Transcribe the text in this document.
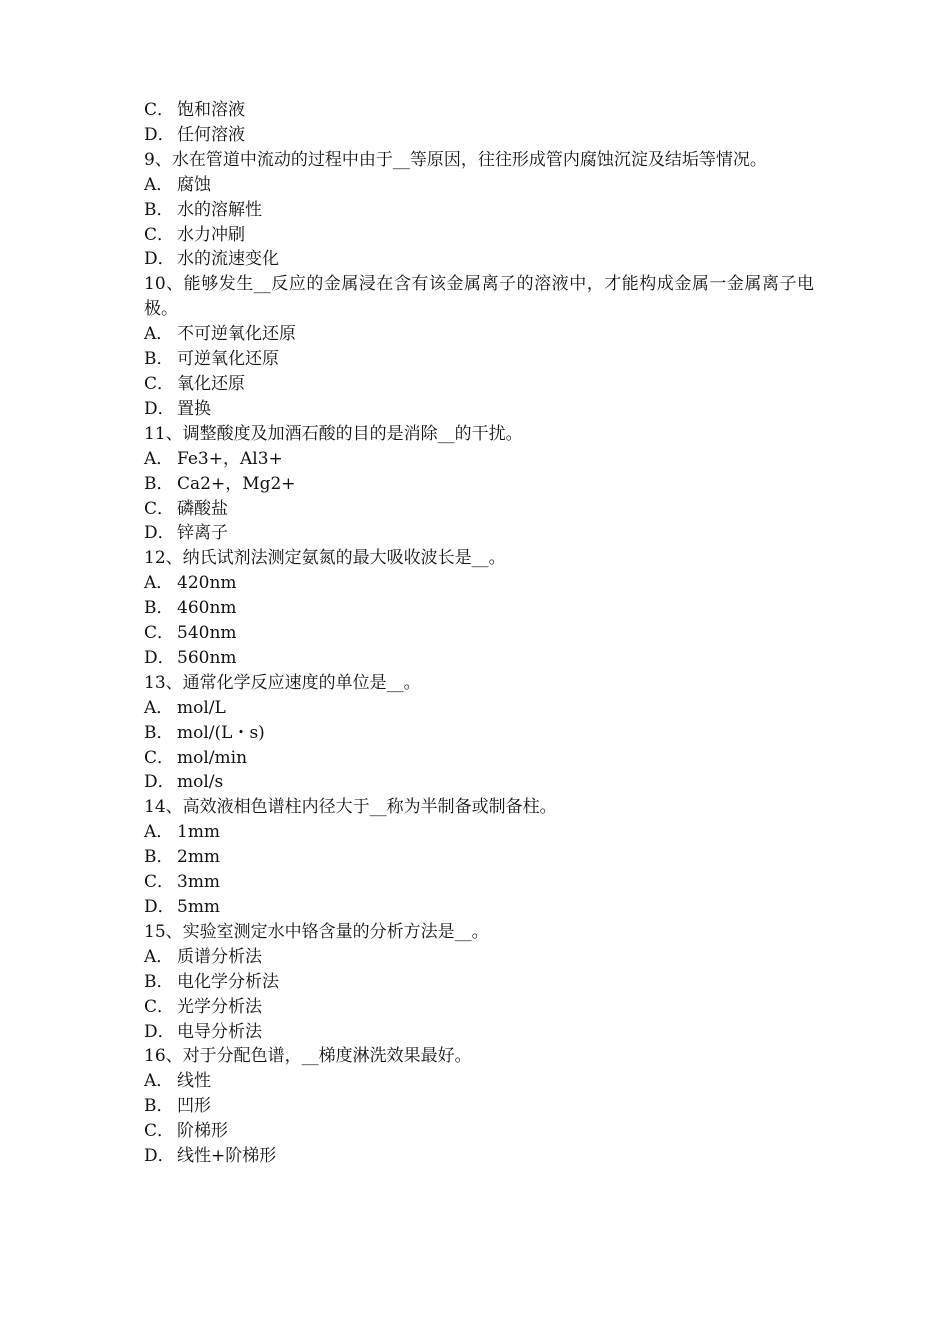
C． 饱和溶液

D． 任何溶液

9、水在管道中流动的过程中由于__等原因，往往形成管内腐蚀沉淀及结垢等情况。

A． 腐蚀

B． 水的溶解性

C． 水力冲刷

D． 水的流速变化

10、能够发生__反应的金属浸在含有该金属离子的溶液中，才能构成金属一金属离子电极。

A． 不可逆氧化还原

B． 可逆氧化还原

C． 氧化还原

D． 置换

11、调整酸度及加酒石酸的目的是消除__的干扰。

A． Fe3+，Al3+

B． Ca2+，Mg2+

C． 磷酸盐

D． 锌离子

12、纳氏试剂法测定氨氮的最大吸收波长是__。

A． 420nm

B． 460nm

C． 540nm

D． 560nm

13、通常化学反应速度的单位是__。

A． mol/L

B． mol/(L・s)

C． mol/min

D． mol/s

14、高效液相色谱柱内径大于__称为半制备或制备柱。

A． 1mm

B． 2mm

C． 3mm

D． 5mm

15、实验室测定水中铬含量的分析方法是__。

A． 质谱分析法

B． 电化学分析法

C． 光学分析法

D． 电导分析法

16、对于分配色谱，__梯度淋洗效果最好。

A． 线性

B． 凹形

C． 阶梯形

D． 线性+阶梯形
